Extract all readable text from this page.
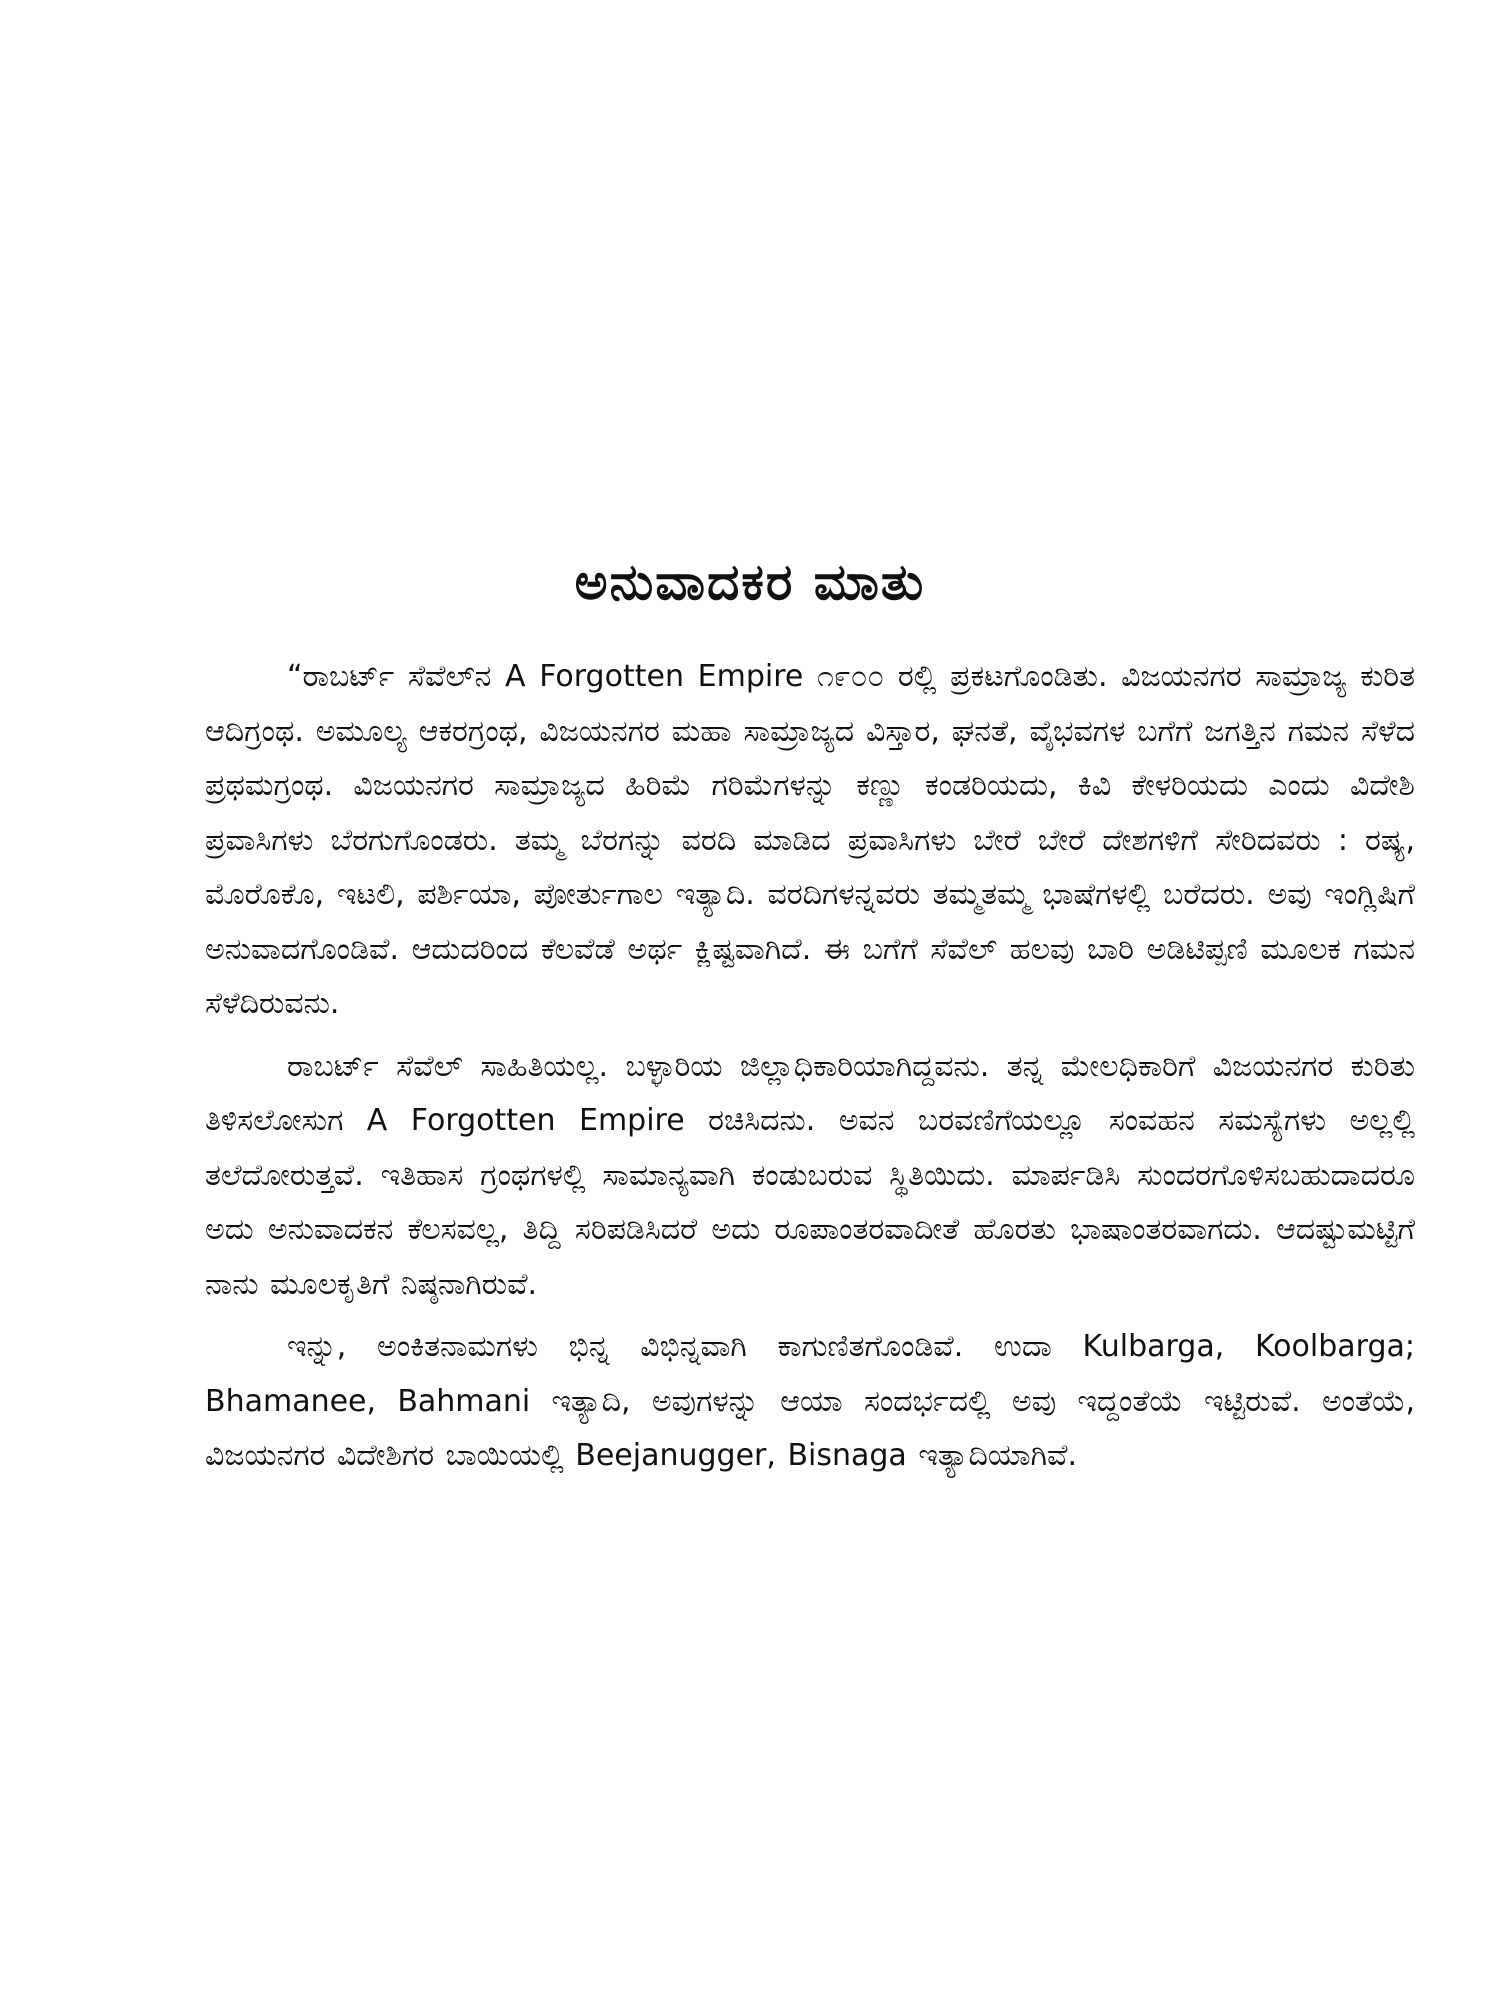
ಅನುವಾದಕರ ಮಾತು

“ರಾಬರ್ಟ್ ಸೆವೆಲ್‌ನ A Forgotten Empire ೧೯೦೦ ರಲ್ಲಿ ಪ್ರಕಟಗೊಂಡಿತು. ವಿಜಯನಗರ ಸಾಮ್ರಾಜ್ಯ ಕುರಿತ ಆದಿಗ್ರಂಥ. ಅಮೂಲ್ಯ ಆಕರಗ್ರಂಥ, ವಿಜಯನಗರ ಮಹಾ ಸಾಮ್ರಾಜ್ಯದ ವಿಸ್ತಾರ, ಘನತೆ, ವೈಭವಗಳ ಬಗೆಗೆ ಜಗತ್ತಿನ ಗಮನ ಸೆಳೆದ ಪ್ರಥಮಗ್ರಂಥ. ವಿಜಯನಗರ ಸಾಮ್ರಾಜ್ಯದ ಹಿರಿಮೆ ಗರಿಮೆಗಳನ್ನು ಕಣ್ಣು ಕಂಡರಿಯದು, ಕಿವಿ ಕೇಳರಿಯದು ಎಂದು ವಿದೇಶಿ ಪ್ರವಾಸಿಗಳು ಬೆರಗುಗೊಂಡರು. ತಮ್ಮ ಬೆರಗನ್ನು ವರದಿ ಮಾಡಿದ ಪ್ರವಾಸಿಗಳು ಬೇರೆ ಬೇರೆ ದೇಶಗಳಿಗೆ ಸೇರಿದವರು : ರಷ್ಯ, ಮೊರೊಕೊ, ಇಟಲಿ, ಪರ್ಶಿಯಾ, ಪೋರ್ತುಗಾಲ ಇತ್ಯಾದಿ. ವರದಿಗಳನ್ನವರು ತಮ್ಮತಮ್ಮ ಭಾಷೆಗಳಲ್ಲಿ ಬರೆದರು. ಅವು ಇಂಗ್ಲಿಷಿಗೆ ಅನುವಾದಗೊಂಡಿವೆ. ಆದುದರಿಂದ ಕೆಲವೆಡೆ ಅರ್ಥ ಕ್ಲಿಷ್ಟವಾಗಿದೆ. ಈ ಬಗೆಗೆ ಸೆವೆಲ್ ಹಲವು ಬಾರಿ ಅಡಿಟಿಪ್ಪಣಿ ಮೂಲಕ ಗಮನ ಸೆಳೆದಿರುವನು.

ರಾಬರ್ಟ್ ಸೆವೆಲ್ ಸಾಹಿತಿಯಲ್ಲ. ಬಳ್ಳಾರಿಯ ಜಿಲ್ಲಾಧಿಕಾರಿಯಾಗಿದ್ದವನು. ತನ್ನ ಮೇಲಧಿಕಾರಿಗೆ ವಿಜಯನಗರ ಕುರಿತು ತಿಳಿಸಲೋಸುಗ A Forgotten Empire ರಚಿಸಿದನು. ಅವನ ಬರವಣಿಗೆಯಲ್ಲೂ ಸಂವಹನ ಸಮಸ್ಯೆಗಳು ಅಲ್ಲಲ್ಲಿ ತಲೆದೋರುತ್ತವೆ. ಇತಿಹಾಸ ಗ್ರಂಥಗಳಲ್ಲಿ ಸಾಮಾನ್ಯವಾಗಿ ಕಂಡುಬರುವ ಸ್ಥಿತಿಯಿದು. ಮಾರ್ಪಡಿಸಿ ಸುಂದರಗೊಳಿಸಬಹುದಾದರೂ ಅದು ಅನುವಾದಕನ ಕೆಲಸವಲ್ಲ, ತಿದ್ದಿ ಸರಿಪಡಿಸಿದರೆ ಅದು ರೂಪಾಂತರವಾದೀತೆ ಹೊರತು ಭಾಷಾಂತರವಾಗದು. ಆದಷ್ಟುಮಟ್ಟಿಗೆ ನಾನು ಮೂಲಕೃತಿಗೆ ನಿಷ್ಠನಾಗಿರುವೆ.

ಇನ್ನು, ಅಂಕಿತನಾಮಗಳು ಭಿನ್ನ ವಿಭಿನ್ನವಾಗಿ ಕಾಗುಣಿತಗೊಂಡಿವೆ. ಉದಾ Kulbarga, Koolbarga; Bhamanee, Bahmani ಇತ್ಯಾದಿ, ಅವುಗಳನ್ನು ಆಯಾ ಸಂದರ್ಭದಲ್ಲಿ ಅವು ಇದ್ದಂತೆಯೆ ಇಟ್ಟಿರುವೆ. ಅಂತೆಯೆ, ವಿಜಯನಗರ ವಿದೇಶಿಗರ ಬಾಯಿಯಲ್ಲಿ Beejanugger, Bisnaga ಇತ್ಯಾದಿಯಾಗಿವೆ.
